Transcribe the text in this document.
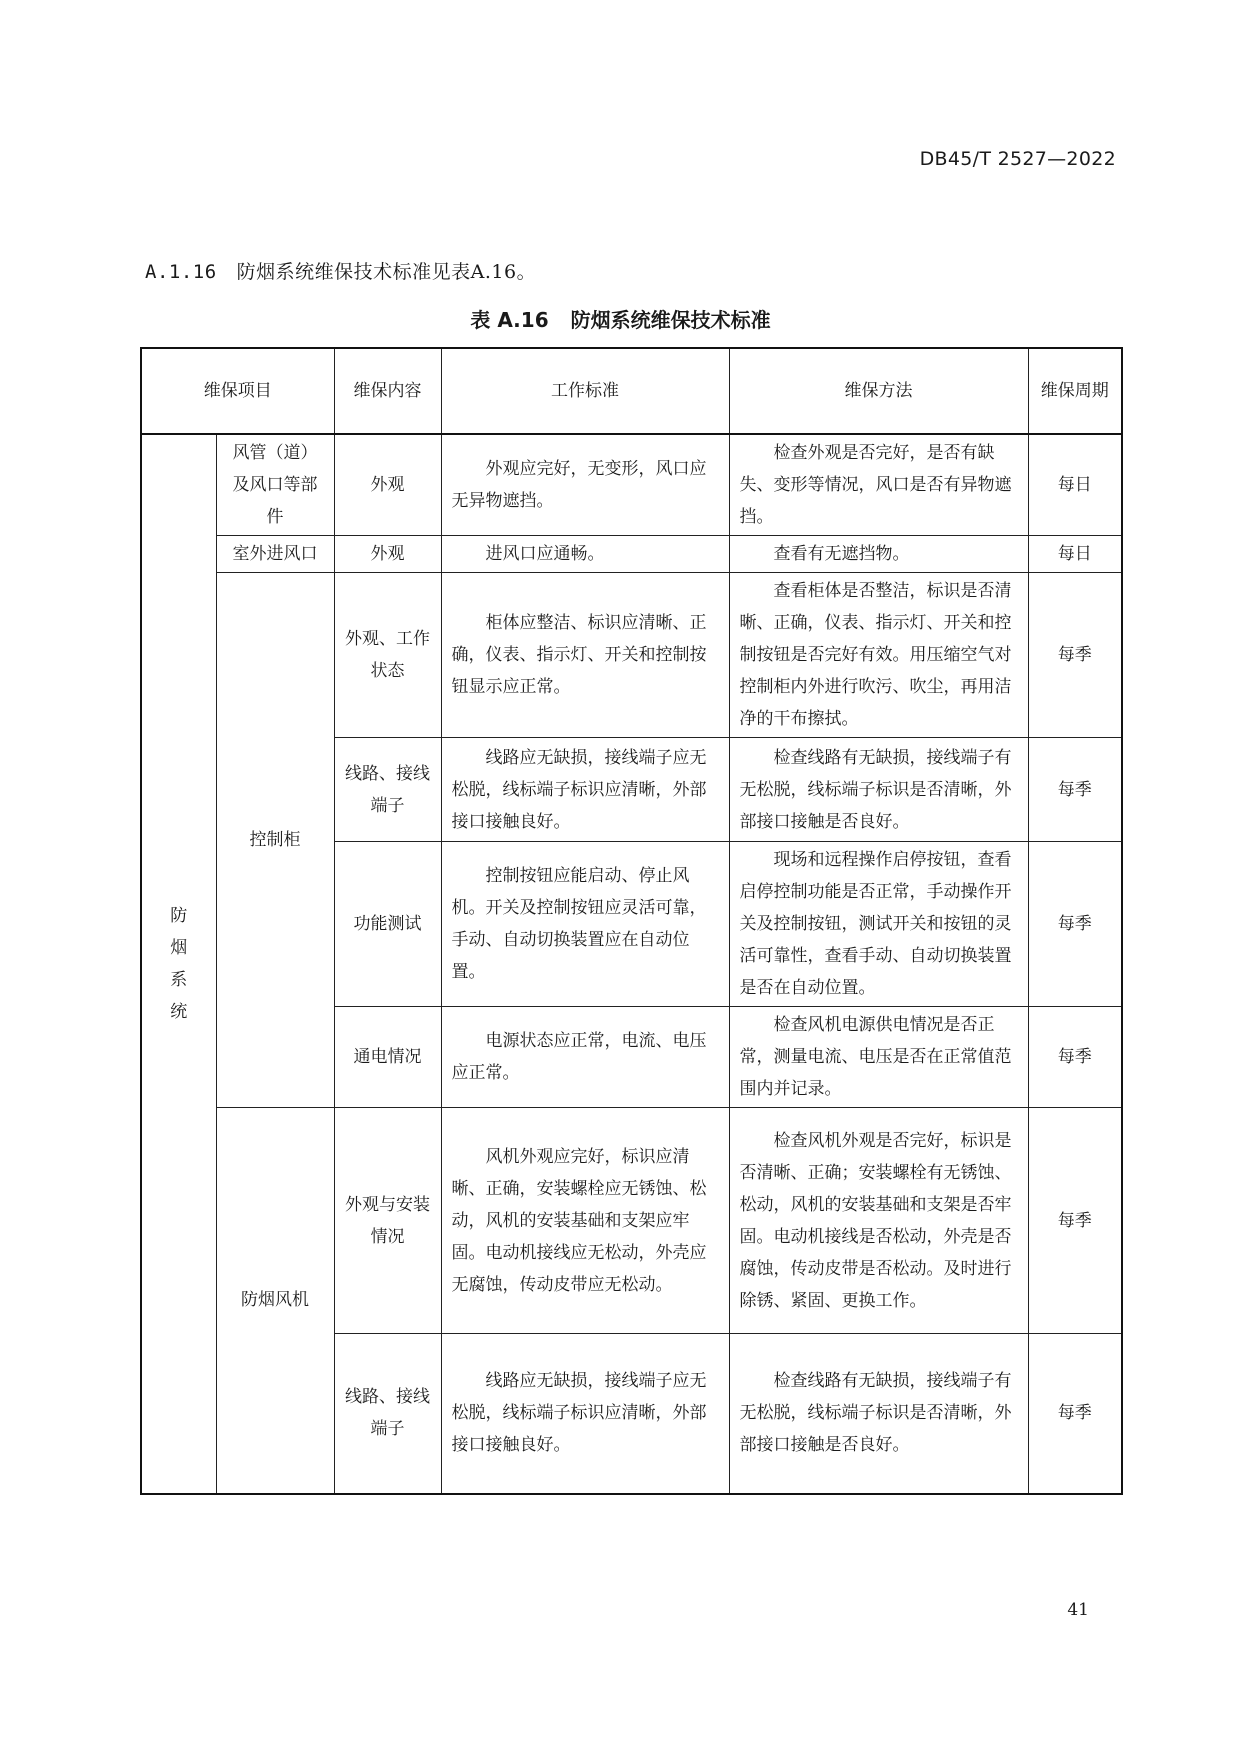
DB45/T 2527—2022
A.1.16 防烟系统维保技术标准见表A.16。
表 A.16 防烟系统维保技术标准
维保项目		维保内容	工作标准	维保方法	维保周期
防烟系统	风管（道）及风口等部件	外观	外观应完好，无变形，风口应无异物遮挡。	检查外观是否完好，是否有缺失、变形等情况，风口是否有异物遮挡。	每日
	室外进风口	外观	进风口应通畅。	查看有无遮挡物。	每日
	控制柜	外观、工作状态	柜体应整洁、标识应清晰、正确，仪表、指示灯、开关和控制按钮显示应正常。	查看柜体是否整洁，标识是否清晰、正确，仪表、指示灯、开关和控制按钮是否完好有效。用压缩空气对控制柜内外进行吹污、吹尘，再用洁净的干布擦拭。	每季
		线路、接线端子	线路应无缺损，接线端子应无松脱，线标端子标识应清晰，外部接口接触良好。	检查线路有无缺损，接线端子有无松脱，线标端子标识是否清晰，外部接口接触是否良好。	每季
		功能测试	控制按钮应能启动、停止风机。开关及控制按钮应灵活可靠，手动、自动切换装置应在自动位置。	现场和远程操作启停按钮，查看启停控制功能是否正常，手动操作开关及控制按钮，测试开关和按钮的灵活可靠性，查看手动、自动切换装置是否在自动位置。	每季
		通电情况	电源状态应正常，电流、电压应正常。	检查风机电源供电情况是否正常，测量电流、电压是否在正常值范围内并记录。	每季
	防烟风机	外观与安装情况	风机外观应完好，标识应清晰、正确，安装螺栓应无锈蚀、松动，风机的安装基础和支架应牢固。电动机接线应无松动，外壳应无腐蚀，传动皮带应无松动。	检查风机外观是否完好，标识是否清晰、正确；安装螺栓有无锈蚀、松动，风机的安装基础和支架是否牢固。电动机接线是否松动，外壳是否腐蚀，传动皮带是否松动。及时进行除锈、紧固、更换工作。	每季
		线路、接线端子	线路应无缺损，接线端子应无松脱，线标端子标识应清晰，外部接口接触良好。	检查线路有无缺损，接线端子有无松脱，线标端子标识是否清晰，外部接口接触是否良好。	每季
41
